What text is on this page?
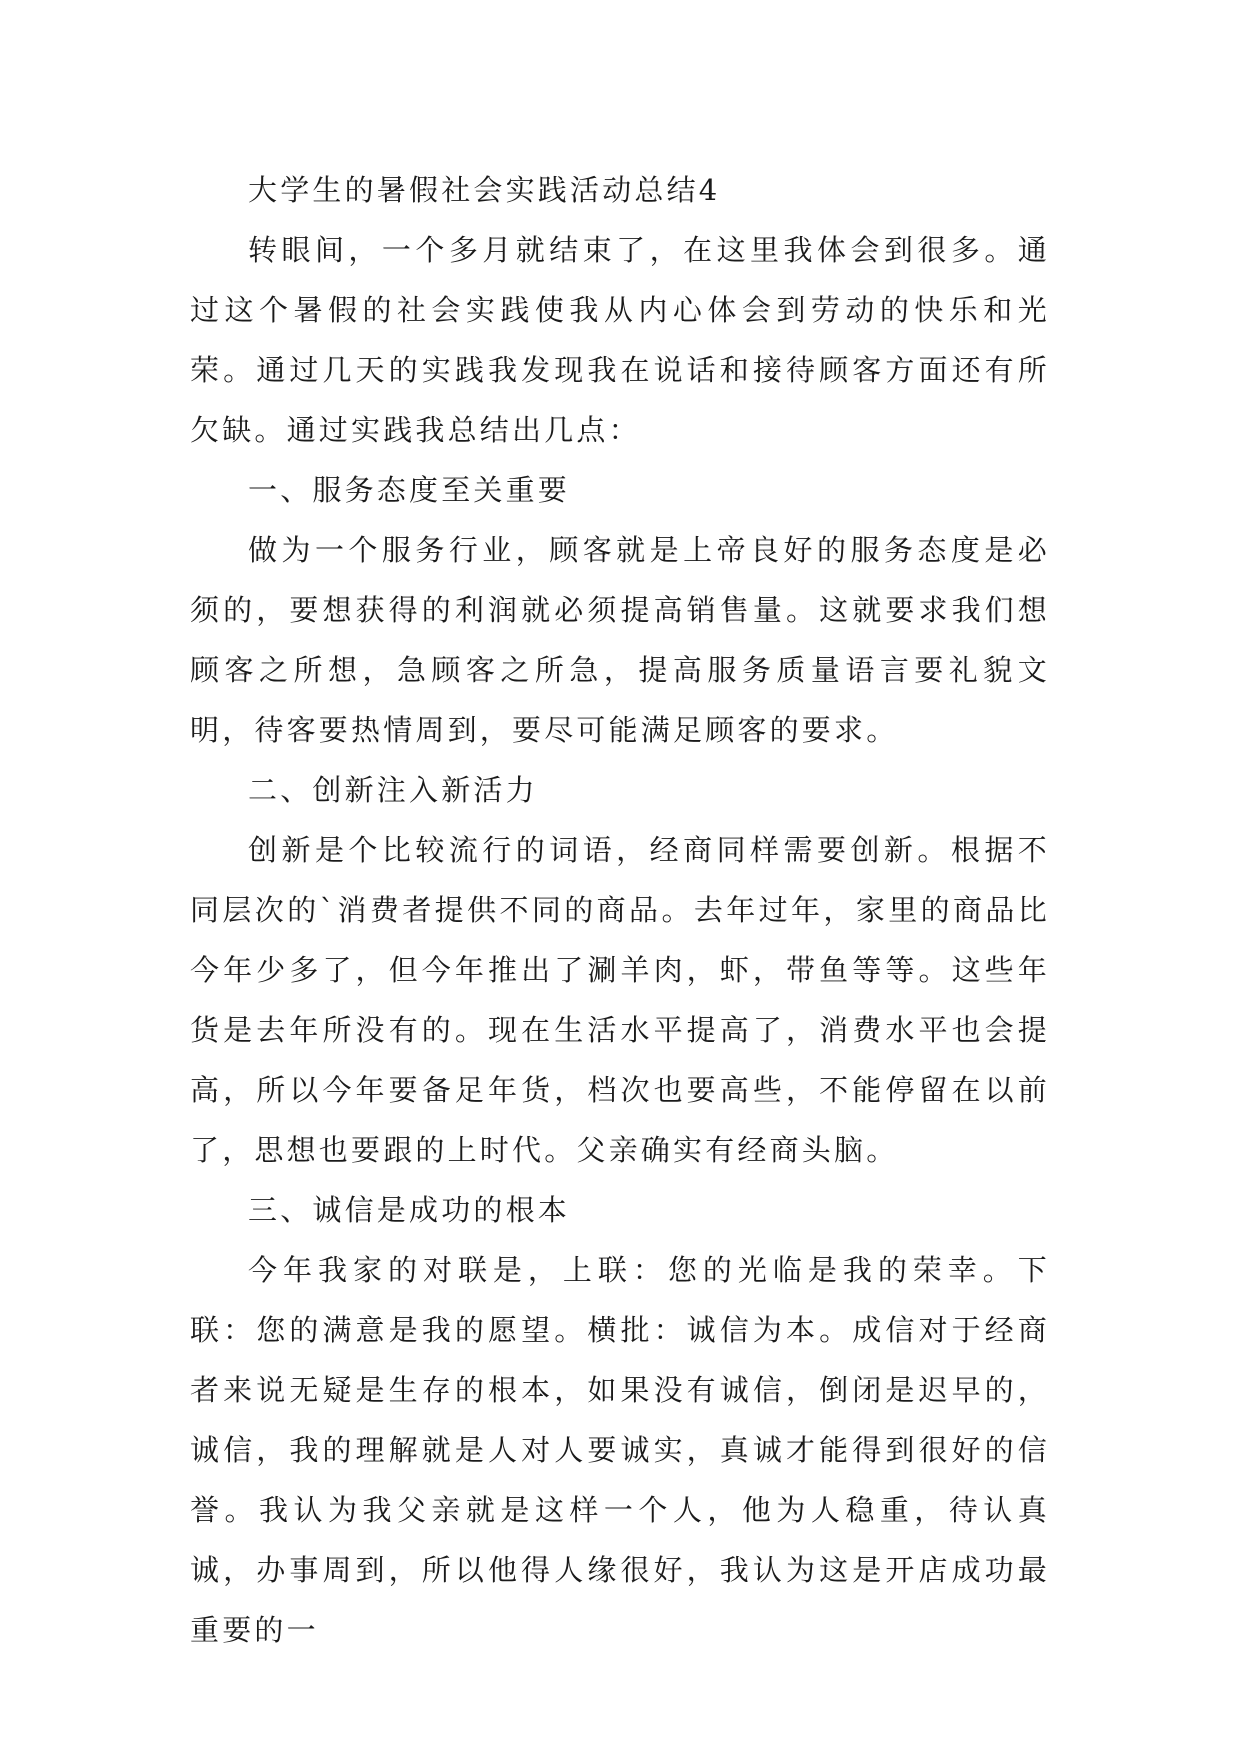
大学生的暑假社会实践活动总结4

转眼间，一个多月就结束了，在这里我体会到很多。通过这个暑假的社会实践使我从内心体会到劳动的快乐和光荣。通过几天的实践我发现我在说话和接待顾客方面还有所欠缺。通过实践我总结出几点：

一、服务态度至关重要

做为一个服务行业，顾客就是上帝良好的服务态度是必须的，要想获得的利润就必须提高销售量。这就要求我们想顾客之所想，急顾客之所急，提高服务质量语言要礼貌文明，待客要热情周到，要尽可能满足顾客的要求。

二、创新注入新活力

创新是个比较流行的词语，经商同样需要创新。根据不同层次的`消费者提供不同的商品。去年过年，家里的商品比今年少多了，但今年推出了涮羊肉，虾，带鱼等等。这些年货是去年所没有的。现在生活水平提高了，消费水平也会提高，所以今年要备足年货，档次也要高些，不能停留在以前了，思想也要跟的上时代。父亲确实有经商头脑。

三、诚信是成功的根本

今年我家的对联是，上联：您的光临是我的荣幸。下联：您的满意是我的愿望。横批：诚信为本。成信对于经商者来说无疑是生存的根本，如果没有诚信，倒闭是迟早的，诚信，我的理解就是人对人要诚实，真诚才能得到很好的信誉。我认为我父亲就是这样一个人，他为人稳重，待认真诚，办事周到，所以他得人缘很好，我认为这是开店成功最重要的一
